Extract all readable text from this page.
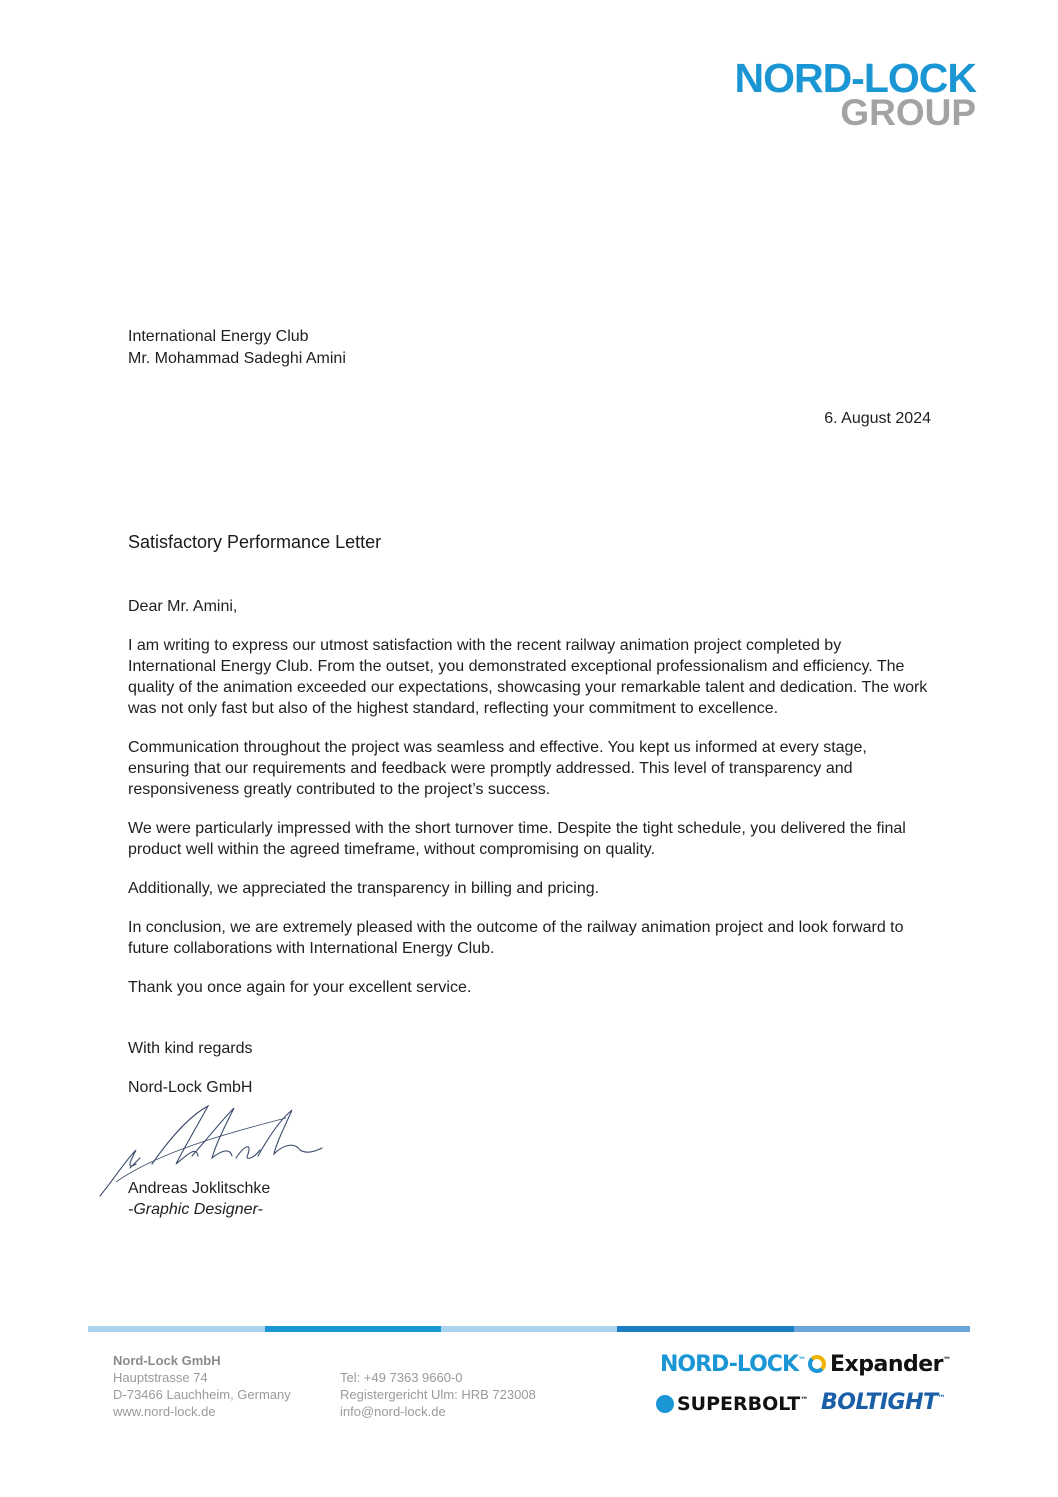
NORD-LOCK
GROUP
International Energy Club
Mr. Mohammad Sadeghi Amini
6. August 2024
Satisfactory Performance Letter

Dear Mr. Amini,

I am writing to express our utmost satisfaction with the recent railway animation project completed by International Energy Club. From the outset, you demonstrated exceptional professionalism and efficiency. The quality of the animation exceeded our expectations, showcasing your remarkable talent and dedication. The work was not only fast but also of the highest standard, reflecting your commitment to excellence.

Communication throughout the project was seamless and effective. You kept us informed at every stage, ensuring that our requirements and feedback were promptly addressed. This level of transparency and responsiveness greatly contributed to the project’s success.

We were particularly impressed with the short turnover time. Despite the tight schedule, you delivered the final product well within the agreed timeframe, without compromising on quality.

Additionally, we appreciated the transparency in billing and pricing.

In conclusion, we are extremely pleased with the outcome of the railway animation project and look forward to future collaborations with International Energy Club.

Thank you once again for your excellent service.

With kind regards
Nord-Lock GmbH
Andreas Joklitschke
-Graphic Designer-
Nord-Lock GmbH
Hauptstrasse 74
D-73466 Lauchheim, Germany
www.nord-lock.de
Tel: +49 7363 9660-0
Registergericht Ulm: HRB 723008
info@nord-lock.de
NORD-LOCK™	Expander™
SUPERBOLT™ BOLTIGHT™
